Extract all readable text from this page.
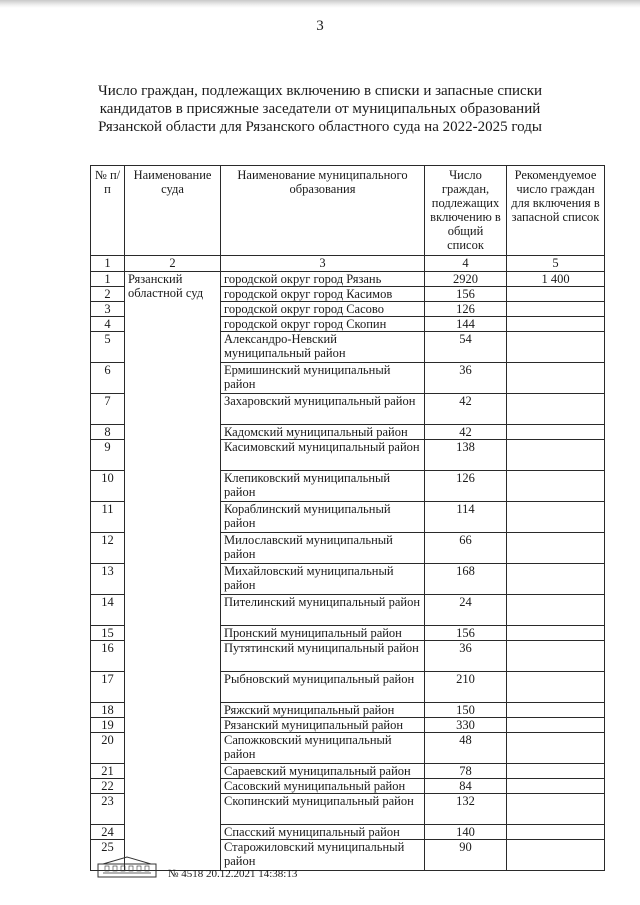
3
Число граждан, подлежащих включению в списки и запасные списки кандидатов в присяжные заседатели от муниципальных образований Рязанской области для Рязанского областного суда на 2022-2025 годы
№ п/п	Наименование суда	Наименование муниципального образования	Число граждан, подлежащих включению в общий список	Рекомендуемое число граждан для включения в запасной список
1	2	3	4	5
1	Рязанский областной суд	городской округ город Рязань	2920	1 400
2		городской округ город Касимов	156	
3		городской округ город Сасово	126	
4		городской округ город Скопин	144	
5		Александро-Невский муниципальный район	54	
6		Ермишинский муниципальный район	36	
7		Захаровский муниципальный район	42	
8		Кадомский муниципальный район	42	
9		Касимовский муниципальный район	138	
10		Клепиковский муниципальный район	126	
11		Кораблинский муниципальный район	114	
12		Милославский муниципальный район	66	
13		Михайловский муниципальный район	168	
14		Пителинский муниципальный район	24	
15		Пронский муниципальный район	156	
16		Путятинский муниципальный район	36	
17		Рыбновский муниципальный район	210	
18		Ряжский муниципальный район	150	
19		Рязанский муниципальный район	330	
20		Сапожковский муниципальный район	48	
21		Сараевский муниципальный район	78	
22		Сасовский муниципальный район	84	
23		Скопинский муниципальный район	132	
24		Спасский муниципальный район	140	
25		Старожиловский муниципальный район	90	
№ 4518 20.12.2021 14:38:13
